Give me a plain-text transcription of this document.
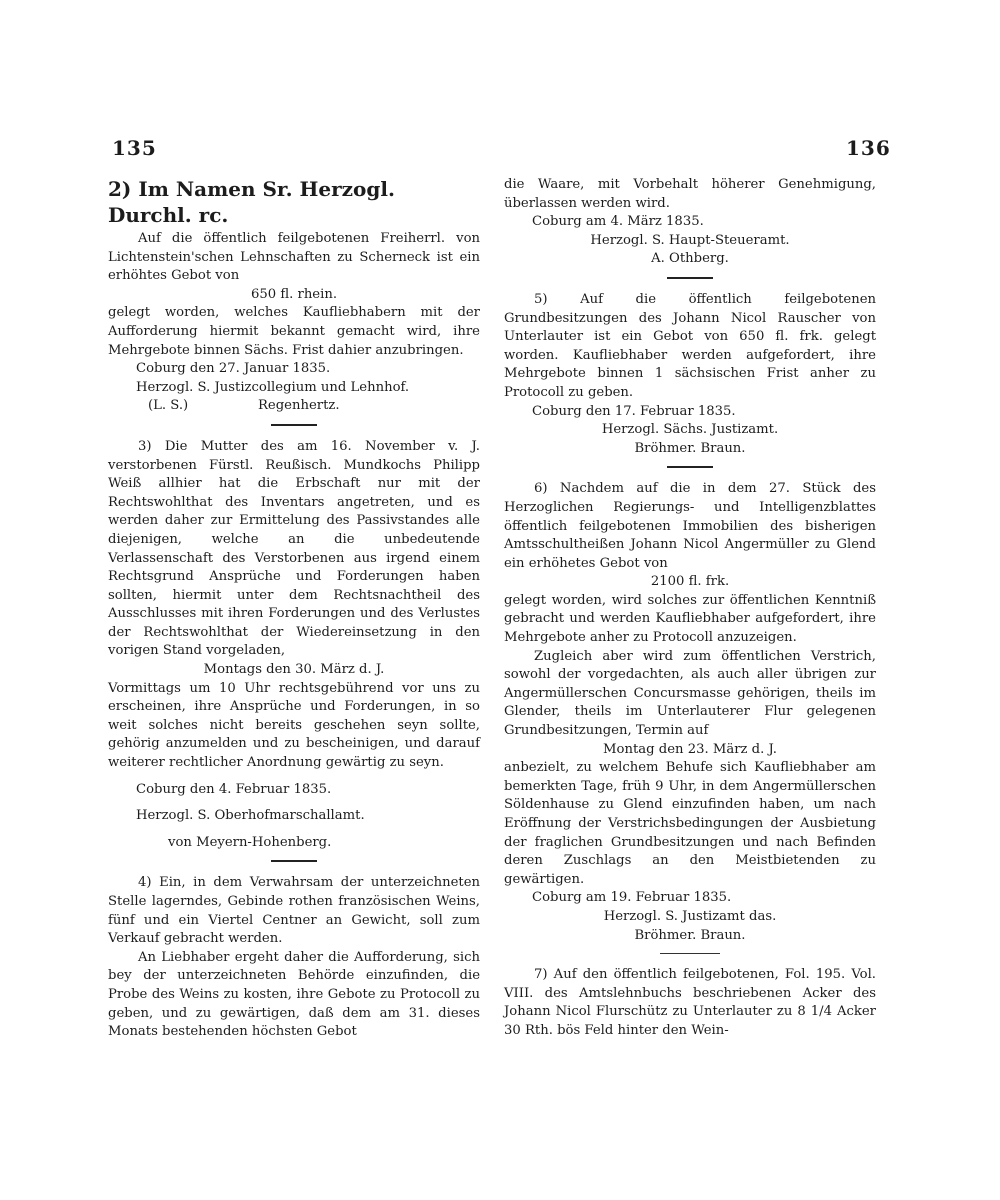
135	136
2) Im Namen Sr. Herzogl. Durchl. rc.

Auf die öffentlich feilgebotenen Freiherrl. von Lichtenstein'schen Lehnschaften zu Scherneck ist ein erhöhtes Gebot von

650 fl. rhein.

gelegt worden, welches Kaufliebhabern mit der Aufforderung hiermit bekannt gemacht wird, ihre Mehrgebote binnen Sächs. Frist dahier anzubringen.

Coburg den 27. Januar 1835.

Herzogl. S. Justizcollegium und Lehnhof.

(L. S.)	Regenhertz.

3) Die Mutter des am 16. November v. J. verstorbenen Fürstl. Reußisch. Mundkochs Philipp Weiß allhier hat die Erbschaft nur mit der Rechtswohlthat des Inventars angetreten, und es werden daher zur Ermittelung des Passivstandes alle diejenigen, welche an die unbedeutende Verlassenschaft des Verstorbenen aus irgend einem Rechtsgrund Ansprüche und Forderungen haben sollten, hiermit unter dem Rechtsnachtheil des Ausschlusses mit ihren Forderungen und des Verlustes der Rechtswohlthat der Wiedereinsetzung in den vorigen Stand vorgeladen,

Montags den 30. März d. J.

Vormittags um 10 Uhr rechtsgebührend vor uns zu erscheinen, ihre Ansprüche und Forderungen, in so weit solches nicht bereits geschehen seyn sollte, gehörig anzumelden und zu bescheinigen, und darauf weiterer rechtlicher Anordnung gewärtig zu seyn.

Coburg den 4. Februar 1835.

Herzogl. S. Oberhofmarschallamt.

von Meyern-Hohenberg.

4) Ein, in dem Verwahrsam der unterzeichneten Stelle lagerndes, Gebinde rothen französischen Weins, fünf und ein Viertel Centner an Gewicht, soll zum Verkauf gebracht werden.

An Liebhaber ergeht daher die Aufforderung, sich bey der unterzeichneten Behörde einzufinden, die Probe des Weins zu kosten, ihre Gebote zu Protocoll zu geben, und zu gewärtigen, daß dem am 31. dieses Monats bestehenden höchsten Gebot

die Waare, mit Vorbehalt höherer Genehmigung, überlassen werden wird.

Coburg am 4. März 1835.

Herzogl. S. Haupt-Steueramt.

A. Othberg.

5) Auf die öffentlich feilgebotenen Grundbesitzungen des Johann Nicol Rauscher von Unterlauter ist ein Gebot von 650 fl. frk. gelegt worden. Kaufliebhaber werden aufgefordert, ihre Mehrgebote binnen 1 sächsischen Frist anher zu Protocoll zu geben.

Coburg den 17. Februar 1835.

Herzogl. Sächs. Justizamt.

Bröhmer. Braun.

6) Nachdem auf die in dem 27. Stück des Herzoglichen Regierungs- und Intelligenzblattes öffentlich feilgebotenen Immobilien des bisherigen Amtsschultheißen Johann Nicol Angermüller zu Glend ein erhöhetes Gebot von

2100 fl. frk.

gelegt worden, wird solches zur öffentlichen Kenntniß gebracht und werden Kaufliebhaber aufgefordert, ihre Mehrgebote anher zu Protocoll anzuzeigen.

Zugleich aber wird zum öffentlichen Verstrich, sowohl der vorgedachten, als auch aller übrigen zur Angermüllerschen Concursmasse gehörigen, theils im Glender, theils im Unterlauterer Flur gelegenen Grundbesitzungen, Termin auf

Montag den 23. März d. J.

anbezielt, zu welchem Behufe sich Kaufliebhaber am bemerkten Tage, früh 9 Uhr, in dem Angermüllerschen Söldenhause zu Glend einzufinden haben, um nach Eröffnung der Verstrichsbedingungen der Ausbietung der fraglichen Grundbesitzungen und nach Befinden deren Zuschlags an den Meistbietenden zu gewärtigen.

Coburg am 19. Februar 1835.

Herzogl. S. Justizamt das.

Bröhmer. Braun.

7) Auf den öffentlich feilgebotenen, Fol. 195. Vol. VIII. des Amtslehnbuchs beschriebenen Acker des Johann Nicol Flurschütz zu Unterlauter zu 8 1/4 Acker 30 Rth. bös Feld hinter den Wein-
